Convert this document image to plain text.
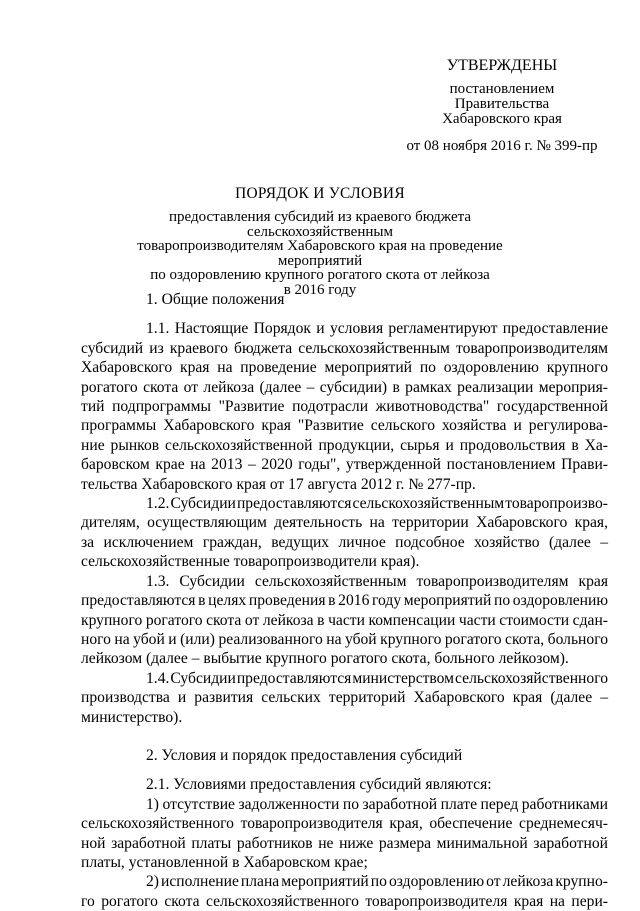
УТВЕРЖДЕНЫ
постановлением
Правительства
Хабаровского края
от 08 ноября 2016 г. № 399-пр
ПОРЯДОК И УСЛОВИЯ
предоставления субсидий из краевого бюджета сельскохозяйственным
товаропроизводителям Хабаровского края на проведение мероприятий
по оздоровлению крупного рогатого скота от лейкоза
в 2016 году
1. Общие положения
1.1. Настоящие Порядок и условия регламентируют предоставление
субсидий из краевого бюджета сельскохозяйственным товаропроизводителям
Хабаровского края на проведение мероприятий по оздоровлению крупного
рогатого скота от лейкоза (далее – субсидии) в рамках реализации мероприя-
тий подпрограммы "Развитие подотрасли животноводства" государственной
программы Хабаровского края "Развитие сельского хозяйства и регулирова-
ние рынков сельскохозяйственной продукции, сырья и продовольствия в Ха-
баровском крае на 2013 – 2020 годы", утвержденной постановлением Прави-
тельства Хабаровского края от 17 августа 2012 г. № 277-пр.
1.2. Субсидии предоставляются сельскохозяйственным товаропроизво-
дителям, осуществляющим деятельность на территории Хабаровского края,
за исключением граждан, ведущих личное подсобное хозяйство (далее –
сельскохозяйственные товаропроизводители края).
1.3. Субсидии сельскохозяйственным товаропроизводителям края
предоставляются в целях проведения в 2016 году мероприятий по оздоровлению
крупного рогатого скота от лейкоза в части компенсации части стоимости сдан-
ного на убой и (или) реализованного на убой крупного рогатого скота, больного
лейкозом (далее – выбытие крупного рогатого скота, больного лейкозом).
1.4. Субсидии предоставляются министерством сельскохозяйственного
производства и развития сельских территорий Хабаровского края (далее –
министерство).
2. Условия и порядок предоставления субсидий
2.1. Условиями предоставления субсидий являются:
1) отсутствие задолженности по заработной плате перед работниками
сельскохозяйственного товаропроизводителя края, обеспечение среднемесяч-
ной заработной платы работников не ниже размера минимальной заработной
платы, установленной в Хабаровском крае;
2) исполнение плана мероприятий по оздоровлению от лейкоза крупно-
го рогатого скота сельскохозяйственного товаропроизводителя края на пери-
